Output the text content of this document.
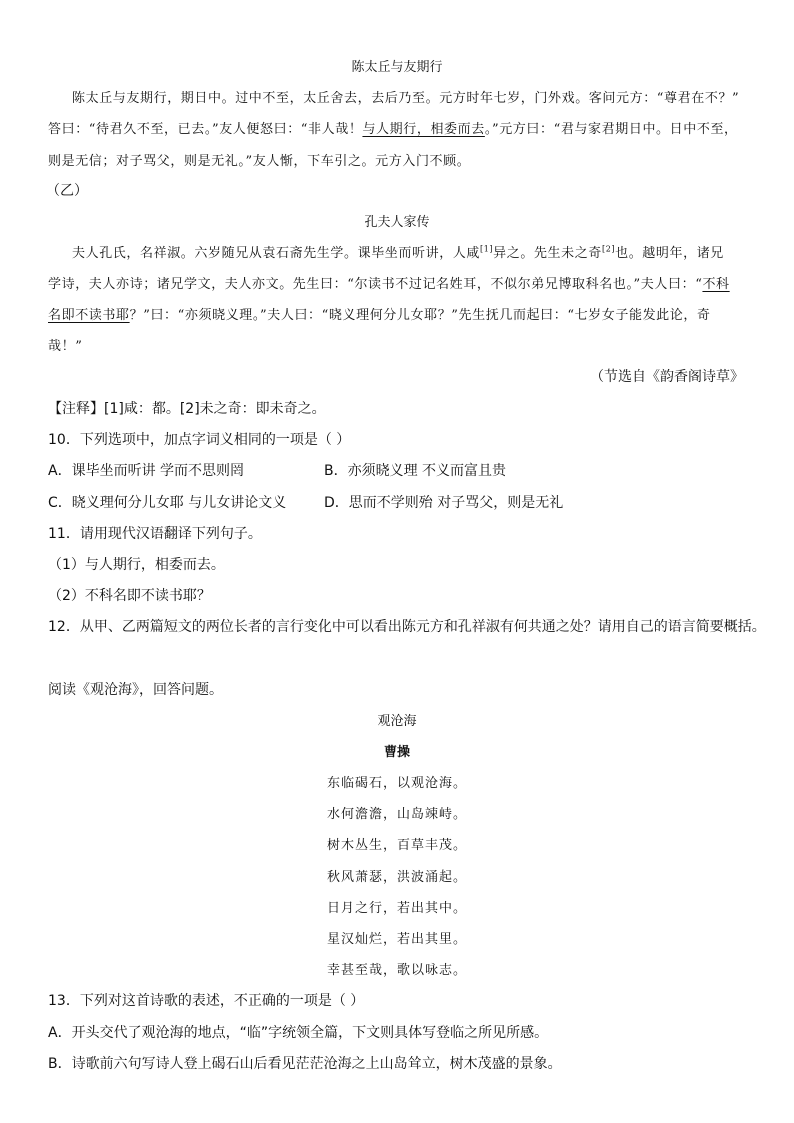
陈太丘与友期行
陈太丘与友期行，期日中。过中不至，太丘舍去，去后乃至。元方时年七岁，门外戏。客问元方：“尊君在不？”
答曰：“待君久不至，已去。”友人便怒曰：“非人哉！与人期行，相委而去。”元方曰：“君与家君期日中。日中不至，
则是无信；对子骂父，则是无礼。”友人惭，下车引之。元方入门不顾。
（乙）
孔夫人家传
夫人孔氏，名祥淑。六岁随兄从袁石斋先生学。课毕坐而听讲，人咸[1]异之。先生未之奇[2]也。越明年，诸兄
学诗，夫人亦诗；诸兄学文，夫人亦文。先生曰：“尔读书不过记名姓耳，不似尔弟兄博取科名也。”夫人曰：“不科
名即不读书耶？”曰：“亦须晓义理。”夫人曰：“晓义理何分儿女耶？”先生抚几而起曰：“七岁女子能发此论，奇
哉！”
（节选自《韵香阁诗草》
【注释】[1]咸：都。[2]未之奇：即未奇之。
10．下列选项中，加点字词义相同的一项是（ ）
A．课毕坐而听讲 学而不思则罔	B．亦须晓义理 不义而富且贵
C．晓义理何分儿女耶 与儿女讲论文义	D．思而不学则殆 对子骂父，则是无礼
11．请用现代汉语翻译下列句子。
（1）与人期行，相委而去。
（2）不科名即不读书耶？
12．从甲、乙两篇短文的两位长者的言行变化中可以看出陈元方和孔祥淑有何共通之处？请用自己的语言简要概括。
阅读《观沧海》，回答问题。
观沧海
曹操
东临碣石，以观沧海。
水何澹澹，山岛竦峙。
树木丛生，百草丰茂。
秋风萧瑟，洪波涌起。
日月之行，若出其中。
星汉灿烂，若出其里。
幸甚至哉，歌以咏志。
13．下列对这首诗歌的表述，不正确的一项是（ ）
A．开头交代了观沧海的地点，“临”字统领全篇，下文则具体写登临之所见所感。
B．诗歌前六句写诗人登上碣石山后看见茫茫沧海之上山岛耸立，树木茂盛的景象。
